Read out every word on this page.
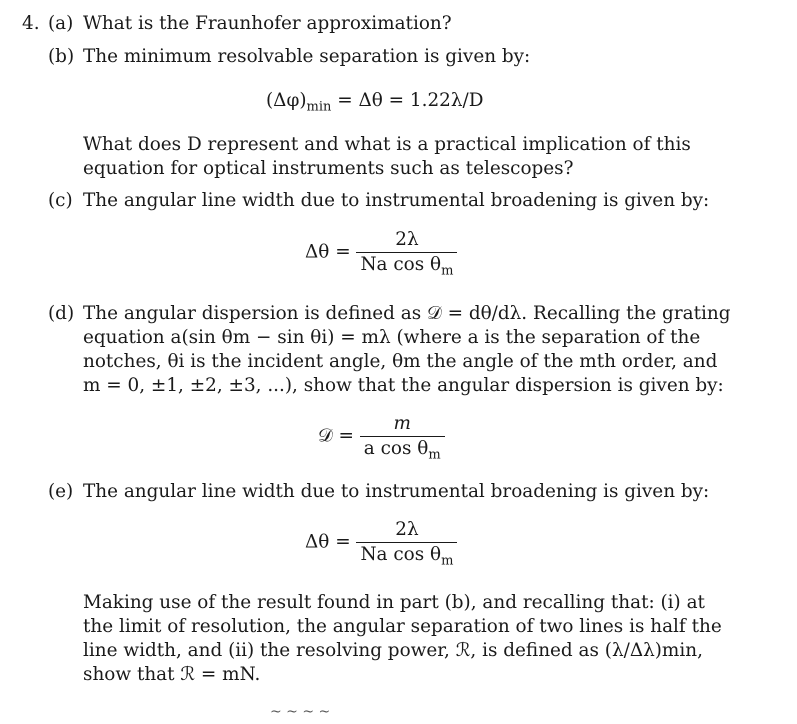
4. (a) What is the Fraunhofer approximation?
(b) The minimum resolvable separation is given by:
$(\Delta\varphi)_{min} = \Delta\theta = 1.22\lambda/D$
What does D represent and what is a practical implication of this
equation for optical instruments such as telescopes?
(c) The angular line width due to instrumental broadening is given by:
$\Delta\theta = \frac{2\lambda}{Na \cos \theta_m}$
(d) The angular dispersion is defined as 𝒟 = dθ/dλ. Recalling the grating
equation a(sin θm − sin θi) = mλ (where a is the separation of the
notches, θi is the incident angle, θm the angle of the mth order, and
m = 0, ±1, ±2, ±3, ...), show that the angular dispersion is given by:
𝒟 = $\frac{m}{a \cos \theta_m}$
(e) The angular line width due to instrumental broadening is given by:
$\Delta\theta = \frac{2\lambda}{Na \cos \theta_m}$
Making use of the result found in part (b), and recalling that: (i) at
the limit of resolution, the angular separation of two lines is half the
line width, and (ii) the resolving power, ℛ, is defined as (λ/Δλ)min,
show that ℛ = mN.
~ ~ ~ ~
